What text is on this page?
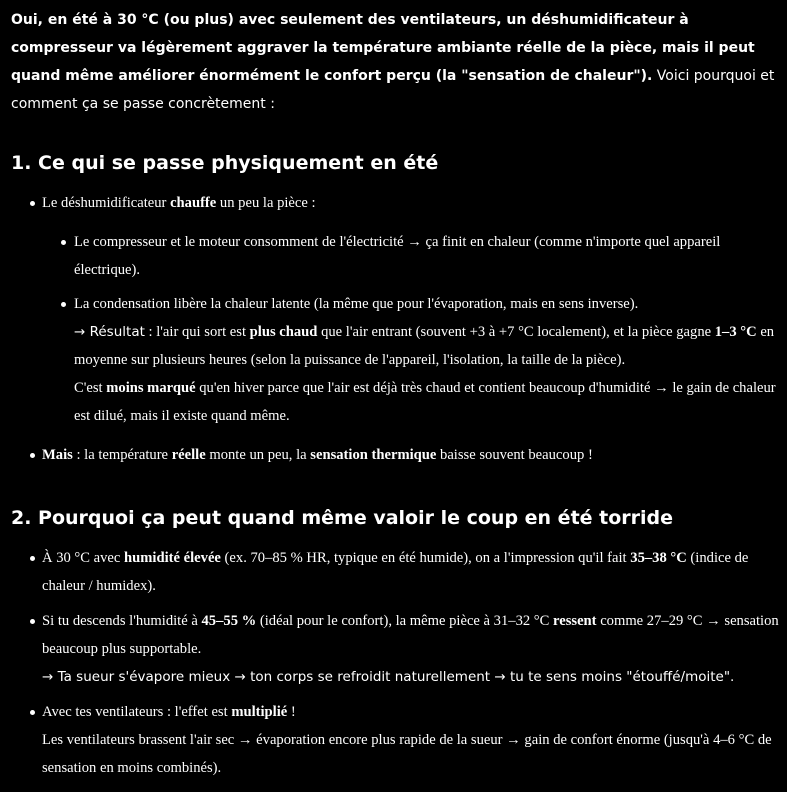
Oui, en été à 30 °C (ou plus) avec seulement des ventilateurs, un déshumidificateur à compresseur va légèrement aggraver la température ambiante réelle de la pièce, mais il peut quand même améliorer énormément le confort perçu (la "sensation de chaleur"). Voici pourquoi et comment ça se passe concrètement :

1. Ce qui se passe physiquement en été

Le déshumidificateur chauffe un peu la pièce :

Le compresseur et le moteur consomment de l'électricité → ça finit en chaleur (comme n'importe quel appareil électrique).

La condensation libère la chaleur latente (la même que pour l'évaporation, mais en sens inverse).
→ Résultat : l'air qui sort est plus chaud que l'air entrant (souvent +3 à +7 °C localement), et la pièce gagne 1–3 °C en moyenne sur plusieurs heures (selon la puissance de l'appareil, l'isolation, la taille de la pièce).
C'est moins marqué qu'en hiver parce que l'air est déjà très chaud et contient beaucoup d'humidité → le gain de chaleur est dilué, mais il existe quand même.

Mais : la température réelle monte un peu, la sensation thermique baisse souvent beaucoup !

2. Pourquoi ça peut quand même valoir le coup en été torride

À 30 °C avec humidité élevée (ex. 70–85 % HR, typique en été humide), on a l'impression qu'il fait 35–38 °C (indice de chaleur / humidex).

Si tu descends l'humidité à 45–55 % (idéal pour le confort), la même pièce à 31–32 °C ressent comme 27–29 °C → sensation beaucoup plus supportable.
→ Ta sueur s'évapore mieux → ton corps se refroidit naturellement → tu te sens moins "étouffé/moite".

Avec tes ventilateurs : l'effet est multiplié !
Les ventilateurs brassent l'air sec → évaporation encore plus rapide de la sueur → gain de confort énorme (jusqu'à 4–6 °C de sensation en moins combinés).
